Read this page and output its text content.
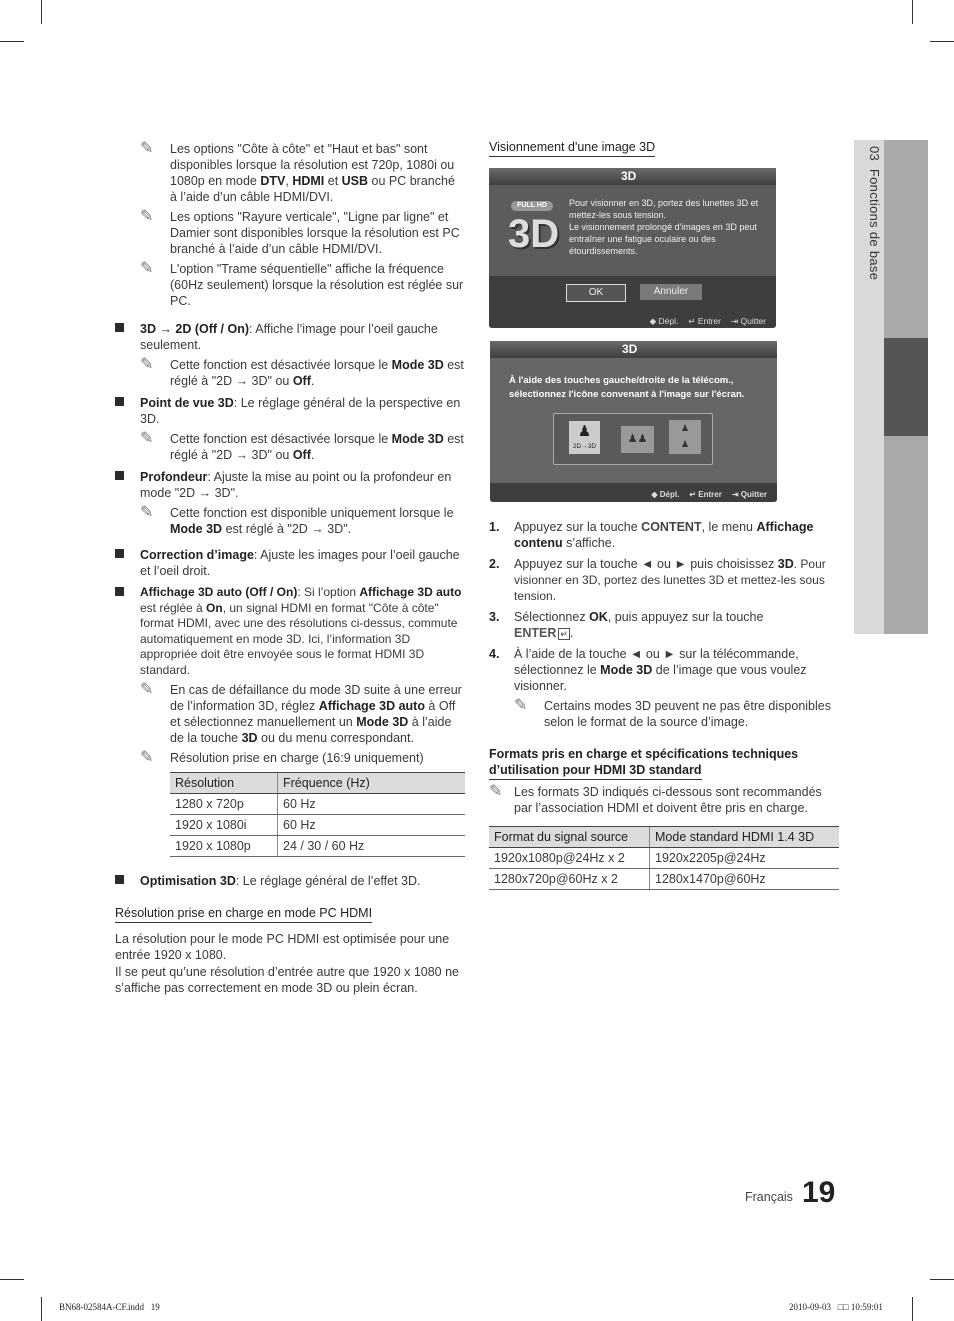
03  Fonctions de base
✎ Les options "Côte à côte" et "Haut et bas" sont disponibles lorsque la résolution est 720p, 1080i ou 1080p en mode DTV, HDMI et USB ou PC branché à l’aide d’un câble HDMI/DVI.
✎ Les options "Rayure verticale", "Ligne par ligne" et Damier sont disponibles lorsque la résolution est PC branché à l’aide d’un câble HDMI/DVI.
✎ L'option "Trame séquentielle" affiche la fréquence (60Hz seulement) lorsque la résolution est réglée sur PC.
3D → 2D (Off / On): Affiche l’image pour l’oeil gauche seulement.
✎ Cette fonction est désactivée lorsque le Mode 3D est réglé à "2D → 3D" ou Off.
Point de vue 3D: Le réglage général de la perspective en 3D.
✎ Cette fonction est désactivée lorsque le Mode 3D est réglé à "2D → 3D" ou Off.
Profondeur: Ajuste la mise au point ou la profondeur en mode "2D → 3D".
✎ Cette fonction est disponible uniquement lorsque le Mode 3D est réglé à "2D → 3D".
Correction d’image: Ajuste les images pour l’oeil gauche et l’oeil droit.
Affichage 3D auto (Off / On): Si l’option Affichage 3D auto est réglée à On, un signal HDMI en format "Côte à côte" format HDMI, avec une des résolutions ci-dessus, commute automatiquement en mode 3D. Ici, l’information 3D appropriée doit être envoyée sous le format HDMI 3D standard.
✎ En cas de défaillance du mode 3D suite à une erreur de l’information 3D, réglez Affichage 3D auto à Off et sélectionnez manuellement un Mode 3D à l’aide de la touche 3D ou du menu correspondant.
✎ Résolution prise en charge (16:9 uniquement)
Résolution	Fréquence (Hz)
1280 x 720p	60 Hz
1920 x 1080i	60 Hz
1920 x 1080p	24 / 30 / 60 Hz
Optimisation 3D: Le réglage général de l’effet 3D.
Résolution prise en charge en mode PC HDMI

La résolution pour le mode PC HDMI est optimisée pour une entrée 1920 x 1080.

Il se peut qu’une résolution d’entrée autre que 1920 x 1080 ne s’affiche pas correctement en mode 3D ou plein écran.

Visionnement d'une image 3D
3D
FULL HD
3D
Pour visionner en 3D, portez des lunettes 3D et mettez-les sous tension.
Le visionnement prolongé d'images en 3D peut entraîner une fatigue oculaire ou des étourdissements.
OK	Annuler
◆ Dépl. ↵ Entrer ⇥ Quitter
3D
À l'aide des touches gauche/droite de la télécom., sélectionnez l'icône convenant à l'image sur l'écran.
♟
2D→3D
♟♟
♟
♟
◆ Dépl. ↵ Entrer ⇥ Quitter
1. Appuyez sur la touche CONTENT, le menu Affichage contenu s’affiche.
2. Appuyez sur la touche ◄ ou ► puis choisissez 3D. Pour visionner en 3D, portez des lunettes 3D et mettez-les sous tension.
3. Sélectionnez OK, puis appuyez sur la touche
ENTER ↵ .
4. À l’aide de la touche ◄ ou ► sur la télécommande, sélectionnez le Mode 3D de l’image que vous voulez visionner.
✎ Certains modes 3D peuvent ne pas être disponibles selon le format de la source d’image.
Formats pris en charge et spécifications techniques
d’utilisation pour HDMI 3D standard
✎ Les formats 3D indiqués ci-dessous sont recommandés par l’association HDMI et doivent être pris en charge.
Format du signal source	Mode standard HDMI 1.4 3D
1920x1080p@24Hz x 2	1920x2205p@24Hz
1280x720p@60Hz x 2	1280x1470p@60Hz
Français 19
BN68-02584A-CF.indd   19	2010-09-03   □□ 10:59:01
